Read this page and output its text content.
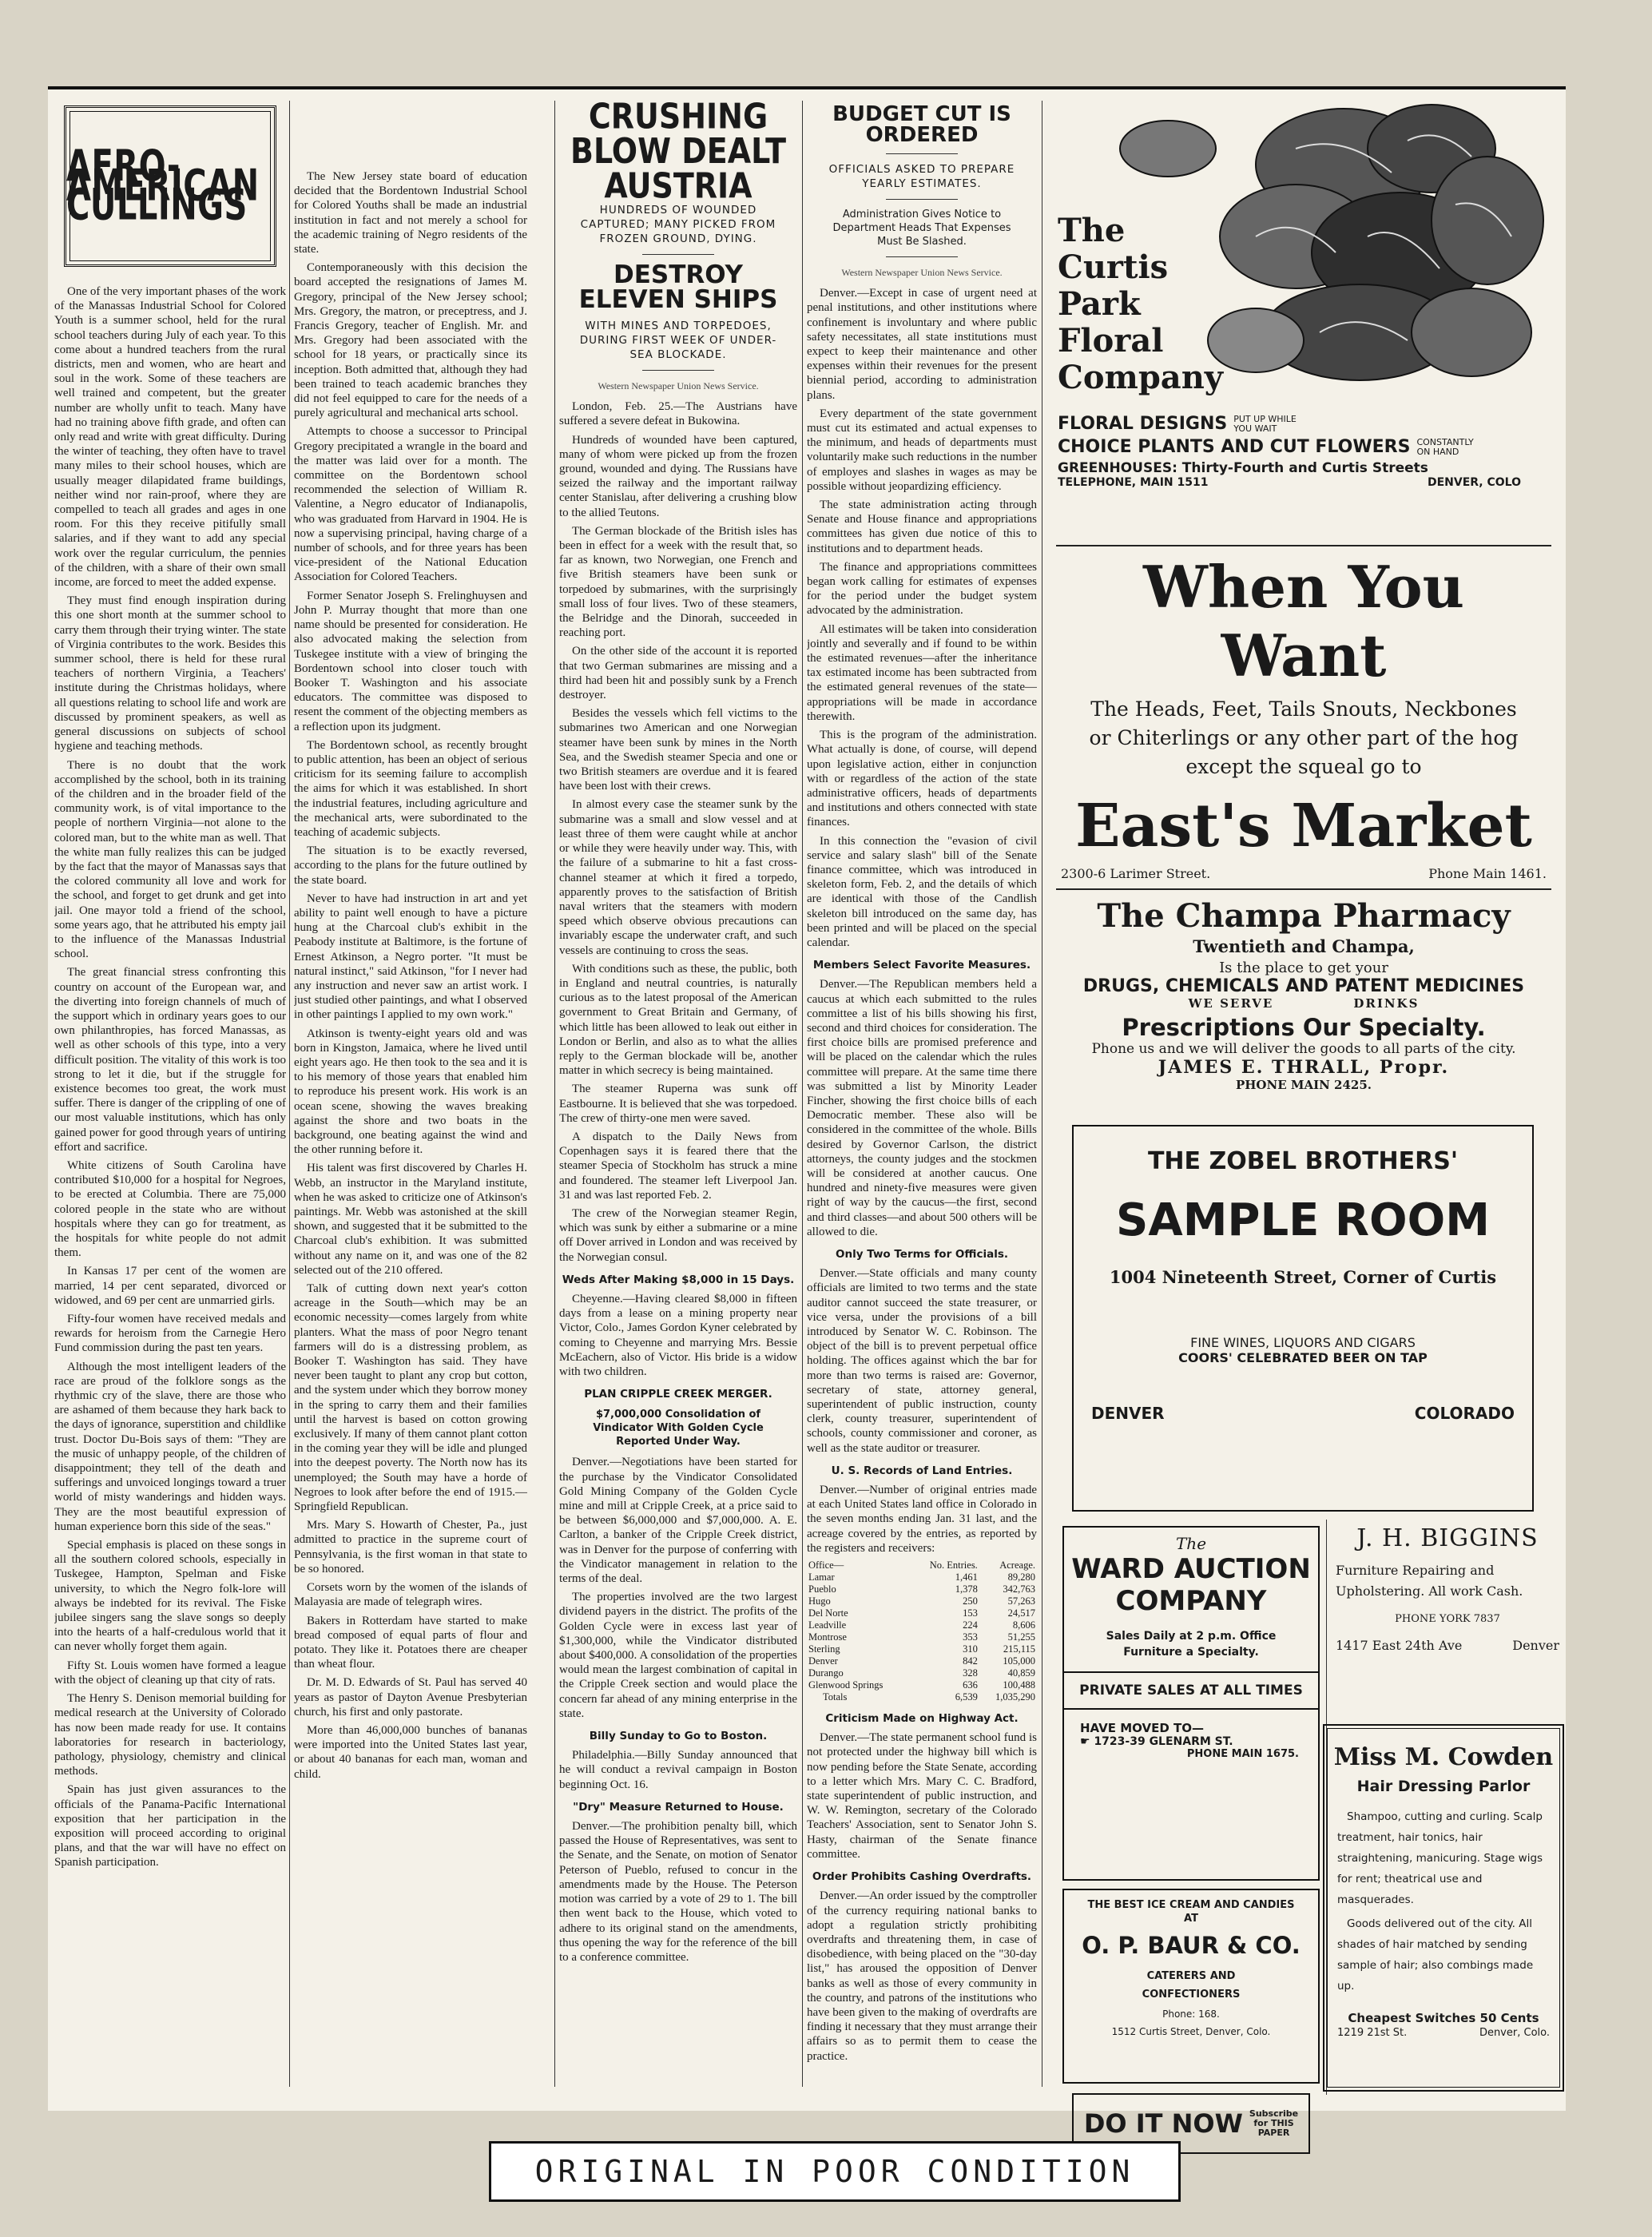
AFRO-AMERICAN CULLINGS

One of the very important phases of the work of the Manassas Industrial School for Colored Youth is a summer school, held for the rural school teachers during July of each year. To this come about a hundred teachers from the rural districts, men and women, who are heart and soul in the work. Some of these teachers are well trained and competent, but the greater number are wholly unfit to teach. Many have had no training above fifth grade, and often can only read and write with great difficulty. During the winter of teaching, they often have to travel many miles to their school houses, which are usually meager dilapidated frame buildings, neither wind nor rain-proof, where they are compelled to teach all grades and ages in one room. For this they receive pitifully small salaries, and if they want to add any special work over the regular curriculum, the pennies of the children, with a share of their own small income, are forced to meet the added expense.

They must find enough inspiration during this one short month at the summer school to carry them through their trying winter. The state of Virginia contributes to the work. Besides this summer school, there is held for these rural teachers of northern Virginia, a Teachers' institute during the Christmas holidays, where all questions relating to school life and work are discussed by prominent speakers, as well as general discussions on subjects of school hygiene and teaching methods.

There is no doubt that the work accomplished by the school, both in its training of the children and in the broader field of the community work, is of vital importance to the people of northern Virginia—not alone to the colored man, but to the white man as well. That the white man fully realizes this can be judged by the fact that the mayor of Manassas says that the colored community all love and work for the school, and forget to get drunk and get into jail. One mayor told a friend of the school, some years ago, that he attributed his empty jail to the influence of the Manassas Industrial school.

The great financial stress confronting this country on account of the European war, and the diverting into foreign channels of much of the support which in ordinary years goes to our own philanthropies, has forced Manassas, as well as other schools of this type, into a very difficult position. The vitality of this work is too strong to let it die, but if the struggle for existence becomes too great, the work must suffer. There is danger of the crippling of one of our most valuable institutions, which has only gained power for good through years of untiring effort and sacrifice.

White citizens of South Carolina have contributed $10,000 for a hospital for Negroes, to be erected at Columbia. There are 75,000 colored people in the state who are without hospitals where they can go for treatment, as the hospitals for white people do not admit them.

In Kansas 17 per cent of the women are married, 14 per cent separated, divorced or widowed, and 69 per cent are unmarried girls.

Fifty-four women have received medals and rewards for heroism from the Carnegie Hero Fund commission during the past ten years.

Although the most intelligent leaders of the race are proud of the folklore songs as the rhythmic cry of the slave, there are those who are ashamed of them because they hark back to the days of ignorance, superstition and childlike trust. Doctor Du-Bois says of them: "They are the music of unhappy people, of the children of disappointment; they tell of the death and sufferings and unvoiced longings toward a truer world of misty wanderings and hidden ways. They are the most beautiful expression of human experience born this side of the seas."

Special emphasis is placed on these songs in all the southern colored schools, especially in Tuskegee, Hampton, Spelman and Fiske university, to which the Negro folk-lore will always be indebted for its revival. The Fiske jubilee singers sang the slave songs so deeply into the hearts of a half-credulous world that it can never wholly forget them again.

Fifty St. Louis women have formed a league with the object of cleaning up that city of rats.

The Henry S. Denison memorial building for medical research at the University of Colorado has now been made ready for use. It contains laboratories for research in bacteriology, pathology, physiology, chemistry and clinical methods.

Spain has just given assurances to the officials of the Panama-Pacific International exposition that her participation in the exposition will proceed according to original plans, and that the war will have no effect on Spanish participation.

The New Jersey state board of education decided that the Bordentown Industrial School for Colored Youths shall be made an industrial institution in fact and not merely a school for the academic training of Negro residents of the state.

Contemporaneously with this decision the board accepted the resignations of James M. Gregory, principal of the New Jersey school; Mrs. Gregory, the matron, or preceptress, and J. Francis Gregory, teacher of English. Mr. and Mrs. Gregory had been associated with the school for 18 years, or practically since its inception. Both admitted that, although they had been trained to teach academic branches they did not feel equipped to care for the needs of a purely agricultural and mechanical arts school.

Attempts to choose a successor to Principal Gregory precipitated a wrangle in the board and the matter was laid over for a month. The committee on the Bordentown school recommended the selection of William R. Valentine, a Negro educator of Indianapolis, who was graduated from Harvard in 1904. He is now a supervising principal, having charge of a number of schools, and for three years has been vice-president of the National Education Association for Colored Teachers.

Former Senator Joseph S. Frelinghuysen and John P. Murray thought that more than one name should be presented for consideration. He also advocated making the selection from Tuskegee institute with a view of bringing the Bordentown school into closer touch with Booker T. Washington and his associate educators. The committee was disposed to resent the comment of the objecting members as a reflection upon its judgment.

The Bordentown school, as recently brought to public attention, has been an object of serious criticism for its seeming failure to accomplish the aims for which it was established. In short the industrial features, including agriculture and the mechanical arts, were subordinated to the teaching of academic subjects.

The situation is to be exactly reversed, according to the plans for the future outlined by the state board.

Never to have had instruction in art and yet ability to paint well enough to have a picture hung at the Charcoal club's exhibit in the Peabody institute at Baltimore, is the fortune of Ernest Atkinson, a Negro porter. "It must be natural instinct," said Atkinson, "for I never had any instruction and never saw an artist work. I just studied other paintings, and what I observed in other paintings I applied to my own work."

Atkinson is twenty-eight years old and was born in Kingston, Jamaica, where he lived until eight years ago. He then took to the sea and it is to his memory of those years that enabled him to reproduce his present work. His work is an ocean scene, showing the waves breaking against the shore and two boats in the background, one beating against the wind and the other running before it.

His talent was first discovered by Charles H. Webb, an instructor in the Maryland institute, when he was asked to criticize one of Atkinson's paintings. Mr. Webb was astonished at the skill shown, and suggested that it be submitted to the Charcoal club's exhibition. It was submitted without any name on it, and was one of the 82 selected out of the 210 offered.

Talk of cutting down next year's cotton acreage in the South—which may be an economic necessity—comes largely from white planters. What the mass of poor Negro tenant farmers will do is a distressing problem, as Booker T. Washington has said. They have never been taught to plant any crop but cotton, and the system under which they borrow money in the spring to carry them and their families until the harvest is based on cotton growing exclusively. If many of them cannot plant cotton in the coming year they will be idle and plunged into the deepest poverty. The North now has its unemployed; the South may have a horde of Negroes to look after before the end of 1915.—Springfield Republican.

Mrs. Mary S. Howarth of Chester, Pa., just admitted to practice in the supreme court of Pennsylvania, is the first woman in that state to be so honored.

Corsets worn by the women of the islands of Malayasia are made of telegraph wires.

Bakers in Rotterdam have started to make bread composed of equal parts of flour and potato. They like it. Potatoes there are cheaper than wheat flour.

Dr. M. D. Edwards of St. Paul has served 40 years as pastor of Dayton Avenue Presbyterian church, his first and only pastorate.

More than 46,000,000 bunches of bananas were imported into the United States last year, or about 40 bananas for each man, woman and child.

CRUSHING BLOW DEALT AUSTRIA
HUNDREDS OF WOUNDED CAPTURED; MANY PICKED FROM FROZEN GROUND, DYING.
DESTROY ELEVEN SHIPS
WITH MINES AND TORPEDOES, DURING FIRST WEEK OF UNDER-SEA BLOCKADE.
Western Newspaper Union News Service.

London, Feb. 25.—The Austrians have suffered a severe defeat in Bukowina.

Hundreds of wounded have been captured, many of whom were picked up from the frozen ground, wounded and dying. The Russians have seized the railway and the important railway center Stanislau, after delivering a crushing blow to the allied Teutons.

The German blockade of the British isles has been in effect for a week with the result that, so far as known, two Norwegian, one French and five British steamers have been sunk or torpedoed by submarines, with the surprisingly small loss of four lives. Two of these steamers, the Belridge and the Dinorah, succeeded in reaching port.

On the other side of the account it is reported that two German submarines are missing and a third had been hit and possibly sunk by a French destroyer.

Besides the vessels which fell victims to the submarines two American and one Norwegian steamer have been sunk by mines in the North Sea, and the Swedish steamer Specia and one or two British steamers are overdue and it is feared have been lost with their crews.

In almost every case the steamer sunk by the submarine was a small and slow vessel and at least three of them were caught while at anchor or while they were heavily under way. This, with the failure of a submarine to hit a fast cross-channel steamer at which it fired a torpedo, apparently proves to the satisfaction of British naval writers that the steamers with modern speed which observe obvious precautions can invariably escape the underwater craft, and such vessels are continuing to cross the seas.

With conditions such as these, the public, both in England and neutral countries, is naturally curious as to the latest proposal of the American government to Great Britain and Germany, of which little has been allowed to leak out either in London or Berlin, and also as to what the allies reply to the German blockade will be, another matter in which secrecy is being maintained.

The steamer Ruperna was sunk off Eastbourne. It is believed that she was torpedoed. The crew of thirty-one men were saved.

A dispatch to the Daily News from Copenhagen says it is feared there that the steamer Specia of Stockholm has struck a mine and foundered. The steamer left Liverpool Jan. 31 and was last reported Feb. 2.

The crew of the Norwegian steamer Regin, which was sunk by either a submarine or a mine off Dover arrived in London and was received by the Norwegian consul.

Weds After Making $8,000 in 15 Days.

Cheyenne.—Having cleared $8,000 in fifteen days from a lease on a mining property near Victor, Colo., James Gordon Kyner celebrated by coming to Cheyenne and marrying Mrs. Bessie McEachern, also of Victor. His bride is a widow with two children.

PLAN CRIPPLE CREEK MERGER.
$7,000,000 Consolidation of Vindicator With Golden Cycle Reported Under Way.

Denver.—Negotiations have been started for the purchase by the Vindicator Consolidated Gold Mining Company of the Golden Cycle mine and mill at Cripple Creek, at a price said to be between $6,000,000 and $7,000,000. A. E. Carlton, a banker of the Cripple Creek district, was in Denver for the purpose of conferring with the Vindicator management in relation to the terms of the deal.

The properties involved are the two largest dividend payers in the district. The profits of the Golden Cycle were in excess last year of $1,300,000, while the Vindicator distributed about $400,000. A consolidation of the properties would mean the largest combination of capital in the Cripple Creek section and would place the concern far ahead of any mining enterprise in the state.

Billy Sunday to Go to Boston.

Philadelphia.—Billy Sunday announced that he will conduct a revival campaign in Boston beginning Oct. 16.

"Dry" Measure Returned to House.

Denver.—The prohibition penalty bill, which passed the House of Representatives, was sent to the Senate, and the Senate, on motion of Senator Peterson of Pueblo, refused to concur in the amendments made by the House. The Peterson motion was carried by a vote of 29 to 1. The bill then went back to the House, which voted to adhere to its original stand on the amendments, thus opening the way for the reference of the bill to a conference committee.

BUDGET CUT IS ORDERED
OFFICIALS ASKED TO PREPARE YEARLY ESTIMATES.
Administration Gives Notice to Department Heads That Expenses Must Be Slashed.
Western Newspaper Union News Service.

Denver.—Except in case of urgent need at penal institutions, and other institutions where confinement is involuntary and where public safety necessitates, all state institutions must expect to keep their maintenance and other expenses within their revenues for the present biennial period, according to administration plans.

Every department of the state government must cut its estimated and actual expenses to the minimum, and heads of departments must voluntarily make such reductions in the number of employes and slashes in wages as may be possible without jeopardizing efficiency.

The state administration acting through Senate and House finance and appropriations committees has given due notice of this to institutions and to department heads.

The finance and appropriations committees began work calling for estimates of expenses for the period under the budget system advocated by the administration.

All estimates will be taken into consideration jointly and severally and if found to be within the estimated revenues—after the inheritance tax estimated income has been subtracted from the estimated general revenues of the state—appropriations will be made in accordance therewith.

This is the program of the administration. What actually is done, of course, will depend upon legislative action, either in conjunction with or regardless of the action of the state administrative officers, heads of departments and institutions and others connected with state finances.

In this connection the "evasion of civil service and salary slash" bill of the Senate finance committee, which was introduced in skeleton form, Feb. 2, and the details of which are identical with those of the Candlish skeleton bill introduced on the same day, has been printed and will be placed on the special calendar.

Members Select Favorite Measures.

Denver.—The Republican members held a caucus at which each submitted to the rules committee a list of his bills showing his first, second and third choices for consideration. The first choice bills are promised preference and will be placed on the calendar which the rules committee will prepare. At the same time there was submitted a list by Minority Leader Fincher, showing the first choice bills of each Democratic member. These also will be considered in the committee of the whole. Bills desired by Governor Carlson, the district attorneys, the county judges and the stockmen will be considered at another caucus. One hundred and ninety-five measures were given right of way by the caucus—the first, second and third classes—and about 500 others will be allowed to die.

Only Two Terms for Officials.

Denver.—State officials and many county officials are limited to two terms and the state auditor cannot succeed the state treasurer, or vice versa, under the provisions of a bill introduced by Senator W. C. Robinson. The object of the bill is to prevent perpetual office holding. The offices against which the bar for more than two terms is raised are: Governor, secretary of state, attorney general, superintendent of public instruction, county clerk, county treasurer, superintendent of schools, county commissioner and coroner, as well as the state auditor or treasurer.

U. S. Records of Land Entries.

Denver.—Number of original entries made at each United States land office in Colorado in the seven months ending Jan. 31 last, and the acreage covered by the entries, as reported by the registers and receivers:

Office—	No. Entries.	Acreage.
Lamar	1,461	89,280
Pueblo	1,378	342,763
Hugo	250	57,263
Del Norte	153	24,517
Leadville	224	8,606
Montrose	353	51,255
Sterling	310	215,115
Denver	842	105,000
Durango	328	40,859
Glenwood Springs	636	100,488
Totals	6,539	1,035,290
Criticism Made on Highway Act.

Denver.—The state permanent school fund is not protected under the highway bill which is now pending before the State Senate, according to a letter which Mrs. Mary C. C. Bradford, state superintendent of public instruction, and W. W. Remington, secretary of the Colorado Teachers' Association, sent to Senator John S. Hasty, chairman of the Senate finance committee.

Order Prohibits Cashing Overdrafts.

Denver.—An order issued by the comptroller of the currency requiring national banks to adopt a regulation strictly prohibiting overdrafts and threatening them, in case of disobedience, with being placed on the "30-day list," has aroused the opposition of Denver banks as well as those of every community in the country, and patrons of the institutions who have been given to the making of overdrafts are finding it necessary that they must arrange their affairs so as to permit them to cease the practice.

The
Curtis
Park
Floral
Company
FLORAL DESIGNS PUT UP WHILE
YOU WAIT
CHOICE PLANTS AND CUT FLOWERS CONSTANTLY
ON HAND
GREENHOUSES: Thirty-Fourth and Curtis Streets
TELEPHONE, MAIN 1511	DENVER, COLO
When You Want
The Heads, Feet, Tails Snouts, Neckbones
or Chiterlings or any other part of the hog
except the squeal go to
East's Market
2300-6 Larimer Street.	Phone Main 1461.
The Champa Pharmacy
Twentieth and Champa,
Is the place to get your
DRUGS, CHEMICALS AND PATENT MEDICINES
WE SERVE	DRINKS
Prescriptions Our Specialty.
Phone us and we will deliver the goods to all parts of the city.
JAMES E. THRALL, Propr.
PHONE MAIN 2425.
THE ZOBEL BROTHERS'
SAMPLE ROOM
1004 Nineteenth Street, Corner of Curtis
FINE WINES, LIQUORS AND CIGARS
COORS' CELEBRATED BEER ON TAP
DENVER	COLORADO
The
WARD AUCTION
COMPANY
Sales Daily at 2 p.m. Office Furniture a Specialty.
PRIVATE SALES AT ALL TIMES
HAVE MOVED TO—
☛ 1723-39 GLENARM ST.
PHONE MAIN 1675.
THE BEST ICE CREAM AND CANDIES AT
O. P. BAUR & CO.
CATERERS AND
CONFECTIONERS
Phone: 168.
1512 Curtis Street, Denver, Colo.
DO IT NOW Subscribe
for THIS
PAPER
J. H. BIGGINS
Furniture Repairing and Upholstering. All work Cash.
PHONE YORK 7837
1417 East 24th Ave	Denver
Miss M. Cowden
Hair Dressing Parlor
Shampoo, cutting and curling. Scalp treatment, hair tonics, hair straightening, manicuring. Stage wigs for rent; theatrical use and masquerades.
Goods delivered out of the city. All shades of hair matched by sending sample of hair; also combings made up.
Cheapest Switches 50 Cents
1219 21st St.	Denver, Colo.
ORIGINAL IN POOR CONDITION
